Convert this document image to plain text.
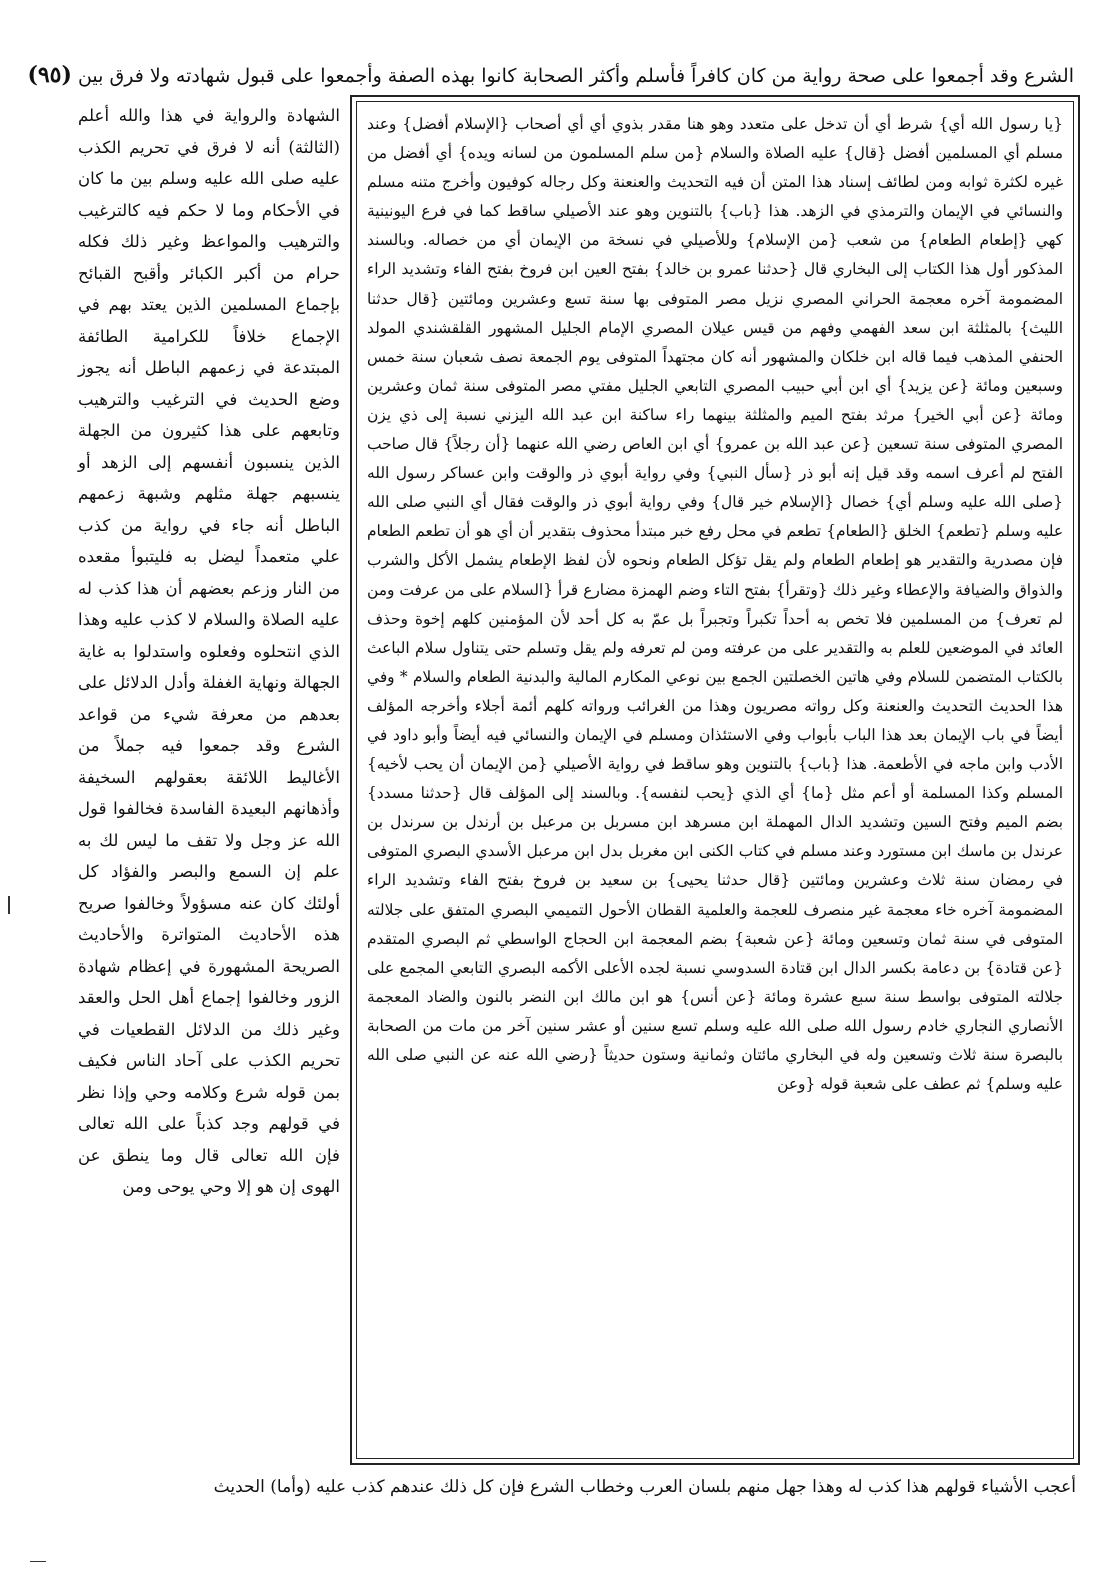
الشرع وقد أجمعوا على صحة رواية من كان كافراً فأسلم وأكثر الصحابة كانوا بهذه الصفة وأجمعوا على قبول شهادته ولا فرق بين (٩٥)
{يا رسول الله أي} شرط أي أن تدخل على متعدد وهو هنا مقدر بذوي أي أي أصحاب {الإسلام أفضل} وعند مسلم أي المسلمين أفضل {قال} عليه الصلاة والسلام {من سلم المسلمون من لسانه ويده} أي أفضل من غيره لكثرة ثوابه ومن لطائف إسناد هذا المتن أن فيه التحديث والعنعنة وكل رجاله كوفيون وأخرج متنه مسلم والنسائي في الإيمان والترمذي في الزهد. هذا {باب} بالتنوين وهو عند الأصيلي ساقط كما في فرع اليونينية كهي {إطعام الطعام} من شعب {من الإسلام} وللأصيلي في نسخة من الإيمان أي من خصاله. وبالسند المذكور أول هذا الكتاب إلى البخاري قال {حدثنا عمرو بن خالد} بفتح العين ابن فروخ بفتح الفاء وتشديد الراء المضمومة آخره معجمة الحراني المصري نزيل مصر المتوفى بها سنة تسع وعشرين ومائتين {قال حدثنا الليث} بالمثلثة ابن سعد الفهمي وفهم من قيس عيلان المصري الإمام الجليل المشهور القلقشندي المولد الحنفي المذهب فيما قاله ابن خلكان والمشهور أنه كان مجتهداً المتوفى يوم الجمعة نصف شعبان سنة خمس وسبعين ومائة {عن يزيد} أي ابن أبي حبيب المصري التابعي الجليل مفتي مصر المتوفى سنة ثمان وعشرين ومائة {عن أبي الخير} مرثد بفتح الميم والمثلثة بينهما راء ساكنة ابن عبد الله اليزني نسبة إلى ذي يزن المصري المتوفى سنة تسعين {عن عبد الله بن عمرو} أي ابن العاص رضي الله عنهما {أن رجلاً} قال صاحب الفتح لم أعرف اسمه وقد قيل إنه أبو ذر {سأل النبي} وفي رواية أبوي ذر والوقت وابن عساكر رسول الله {صلى الله عليه وسلم أي} خصال {الإسلام خير قال} وفي رواية أبوي ذر والوقت فقال أي النبي صلى الله عليه وسلم {تطعم} الخلق {الطعام} تطعم في محل رفع خبر مبتدأ محذوف بتقدير أن أي هو أن تطعم الطعام فإن مصدرية والتقدير هو إطعام الطعام ولم يقل تؤكل الطعام ونحوه لأن لفظ الإطعام يشمل الأكل والشرب والذواق والضيافة والإعطاء وغير ذلك {وتقرأ} بفتح التاء وضم الهمزة مضارع قرأ {السلام على من عرفت ومن لم تعرف} من المسلمين فلا تخص به أحداً تكبراً وتجبراً بل عمّ به كل أحد لأن المؤمنين كلهم إخوة وحذف العائد في الموضعين للعلم به والتقدير على من عرفته ومن لم تعرفه ولم يقل وتسلم حتى يتناول سلام الباعث بالكتاب المتضمن للسلام وفي هاتين الخصلتين الجمع بين نوعي المكارم المالية والبدنية الطعام والسلام * وفي هذا الحديث التحديث والعنعنة وكل رواته مصريون وهذا من الغرائب ورواته كلهم أئمة أجلاء وأخرجه المؤلف أيضاً في باب الإيمان بعد هذا الباب بأبواب وفي الاستئذان ومسلم في الإيمان والنسائي فيه أيضاً وأبو داود في الأدب وابن ماجه في الأطعمة. هذا {باب} بالتنوين وهو ساقط في رواية الأصيلي {من الإيمان أن يحب لأخيه} المسلم وكذا المسلمة أو أعم مثل {ما} أي الذي {يحب لنفسه}. وبالسند إلى المؤلف قال {حدثنا مسدد} بضم الميم وفتح السين وتشديد الدال المهملة ابن مسرهد ابن مسربل بن مرعبل بن أرندل بن سرندل بن عرندل بن ماسك ابن مستورد وعند مسلم في كتاب الكنى ابن مغربل بدل ابن مرعبل الأسدي البصري المتوفى في رمضان سنة ثلاث وعشرين ومائتين {قال حدثنا يحيى} بن سعيد بن فروخ بفتح الفاء وتشديد الراء المضمومة آخره خاء معجمة غير منصرف للعجمة والعلمية القطان الأحول التميمي البصري المتفق على جلالته المتوفى في سنة ثمان وتسعين ومائة {عن شعبة} بضم المعجمة ابن الحجاج الواسطي ثم البصري المتقدم {عن قتادة} بن دعامة بكسر الدال ابن قتادة السدوسي نسبة لجده الأعلى الأكمه البصري التابعي المجمع على جلالته المتوفى بواسط سنة سبع عشرة ومائة {عن أنس} هو ابن مالك ابن النضر بالنون والضاد المعجمة الأنصاري النجاري خادم رسول الله صلى الله عليه وسلم تسع سنين أو عشر سنين آخر من مات من الصحابة بالبصرة سنة ثلاث وتسعين وله في البخاري مائتان وثمانية وستون حديثاً {رضي الله عنه عن النبي صلى الله عليه وسلم} ثم عطف على شعبة قوله {وعن
الشهادة والرواية في هذا والله أعلم (الثالثة) أنه لا فرق في تحريم الكذب عليه صلى الله عليه وسلم بين ما كان في الأحكام وما لا حكم فيه كالترغيب والترهيب والمواعظ وغير ذلك فكله حرام من أكبر الكبائر وأقبح القبائح بإجماع المسلمين الذين يعتد بهم في الإجماع خلافاً للكرامية الطائفة المبتدعة في زعمهم الباطل أنه يجوز وضع الحديث في الترغيب والترهيب وتابعهم على هذا كثيرون من الجهلة الذين ينسبون أنفسهم إلى الزهد أو ينسبهم جهلة مثلهم وشبهة زعمهم الباطل أنه جاء في رواية من كذب علي متعمداً ليضل به فليتبوأ مقعده من النار وزعم بعضهم أن هذا كذب له عليه الصلاة والسلام لا كذب عليه وهذا الذي انتحلوه وفعلوه واستدلوا به غاية الجهالة ونهاية الغفلة وأدل الدلائل على بعدهم من معرفة شيء من قواعد الشرع وقد جمعوا فيه جملاً من الأغاليط اللائقة بعقولهم السخيفة وأذهانهم البعيدة الفاسدة فخالفوا قول الله عز وجل ولا تقف ما ليس لك به علم إن السمع والبصر والفؤاد كل أولئك كان عنه مسؤولاً وخالفوا صريح هذه الأحاديث المتواترة والأحاديث الصريحة المشهورة في إعظام شهادة الزور وخالفوا إجماع أهل الحل والعقد وغير ذلك من الدلائل القطعيات في تحريم الكذب على آحاد الناس فكيف بمن قوله شرع وكلامه وحي وإذا نظر في قولهم وجد كذباً على الله تعالى فإن الله تعالى قال وما ينطق عن الهوى إن هو إلا وحي يوحى ومن
أعجب الأشياء قولهم هذا كذب له وهذا جهل منهم بلسان العرب وخطاب الشرع فإن كل ذلك عندهم كذب عليه (وأما) الحديث
